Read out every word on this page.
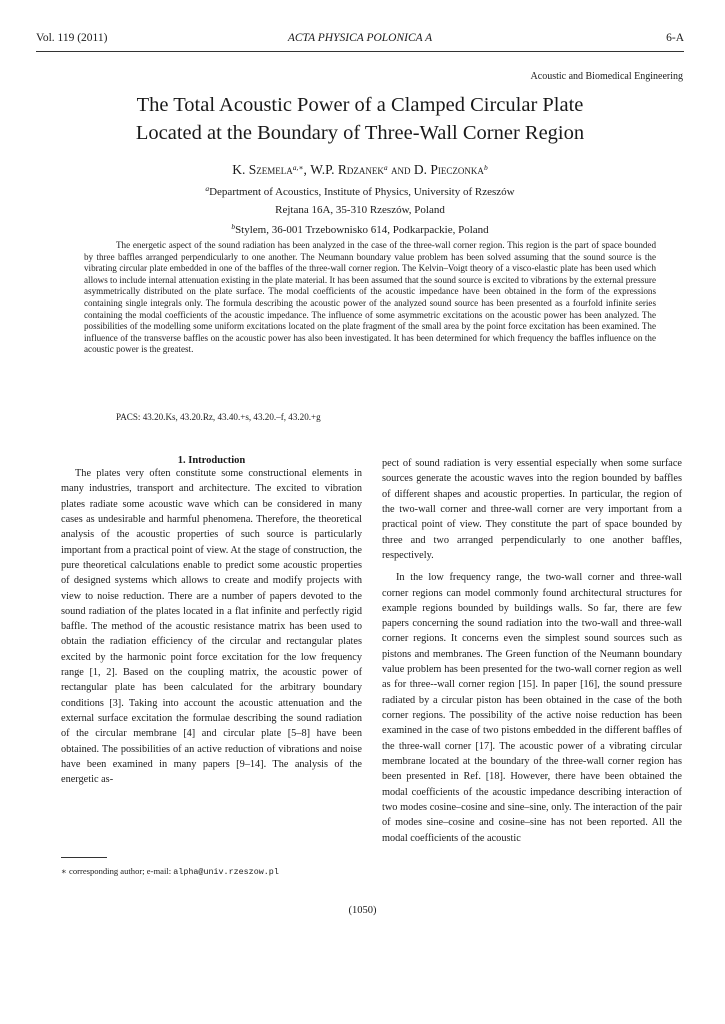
Vol. 119 (2011)	ACTA PHYSICA POLONICA A	6-A
Acoustic and Biomedical Engineering
The Total Acoustic Power of a Clamped Circular Plate
Located at the Boundary of Three-Wall Corner Region
K. Szemela$^{a,∗}$, W.P. Rdzanek$^a$ and D. Pieczonka$^b$
$^a$Department of Acoustics, Institute of Physics, University of Rzeszów
Rejtana 16A, 35-310 Rzeszów, Poland
$^b$Stylem, 36-001 Trzebownisko 614, Podkarpackie, Poland
The energetic aspect of the sound radiation has been analyzed in the case of the three-wall corner region. This region is the part of space bounded by three baffles arranged perpendicularly to one another. The Neumann boundary value problem has been solved assuming that the sound source is the vibrating circular plate embedded in one of the baffles of the three-wall corner region. The Kelvin–Voigt theory of a visco-elastic plate has been used which allows to include internal attenuation existing in the plate material. It has been assumed that the sound source is excited to vibrations by the external pressure asymmetrically distributed on the plate surface. The modal coefficients of the acoustic impedance have been obtained in the form of the expressions containing single integrals only. The formula describing the acoustic power of the analyzed sound source has been presented as a fourfold infinite series containing the modal coefficients of the acoustic impedance. The influence of some asymmetric excitations on the acoustic power has been analyzed. The possibilities of the modelling some uniform excitations located on the plate fragment of the small area by the point force excitation has been examined. The influence of the transverse baffles on the acoustic power has also been investigated. It has been determined for which frequency the baffles influence on the acoustic power is the greatest.
PACS: 43.20.Ks, 43.20.Rz, 43.40.+s, 43.20.–f, 43.20.+g
1. Introduction

The plates very often constitute some constructional elements in many industries, transport and architecture. The excited to vibration plates radiate some acoustic wave which can be considered in many cases as undesirable and harmful phenomena. Therefore, the theoretical analysis of the acoustic properties of such source is particularly important from a practical point of view. At the stage of construction, the pure theoretical calculations enable to predict some acoustic properties of designed systems which allows to create and modify projects with view to noise reduction. There are a number of papers devoted to the sound radiation of the plates located in a flat infinite and perfectly rigid baffle. The method of the acoustic resistance matrix has been used to obtain the radiation efficiency of the circular and rectangular plates excited by the harmonic point force excitation for the low frequency range [1, 2]. Based on the coupling matrix, the acoustic power of rectangular plate has been calculated for the arbitrary boundary conditions [3]. Taking into account the acoustic attenuation and the external surface excitation the formulae describing the sound radiation of the circular membrane [4] and circular plate [5–8] have been obtained. The possibilities of an active reduction of vibrations and noise have been examined in many papers [9–14]. The analysis of the energetic as-

pect of sound radiation is very essential especially when some surface sources generate the acoustic waves into the region bounded by baffles of different shapes and acoustic properties. In particular, the region of the two-wall corner and three-wall corner are very important from a practical point of view. They constitute the part of space bounded by three and two arranged perpendicularly to one another baffles, respectively.

In the low frequency range, the two-wall corner and three-wall corner regions can model commonly found architectural structures for example regions bounded by buildings walls. So far, there are few papers concerning the sound radiation into the two-wall and three-wall corner regions. It concerns even the simplest sound sources such as pistons and membranes. The Green function of the Neumann boundary value problem has been presented for the two-wall corner region as well as for three--wall corner region [15]. In paper [16], the sound pressure radiated by a circular piston has been obtained in the case of the both corner regions. The possibility of the active noise reduction has been examined in the case of two pistons embedded in the different baffles of the three-wall corner [17]. The acoustic power of a vibrating circular membrane located at the boundary of the three-wall corner region has been presented in Ref. [18]. However, there have been obtained the modal coefficients of the acoustic impedance describing interaction of two modes cosine–cosine and sine–sine, only. The interaction of the pair of modes sine–cosine and cosine–sine has not been reported. All the modal coefficients of the acoustic

∗ corresponding author; e-mail: alpha@univ.rzeszow.pl
(1050)
